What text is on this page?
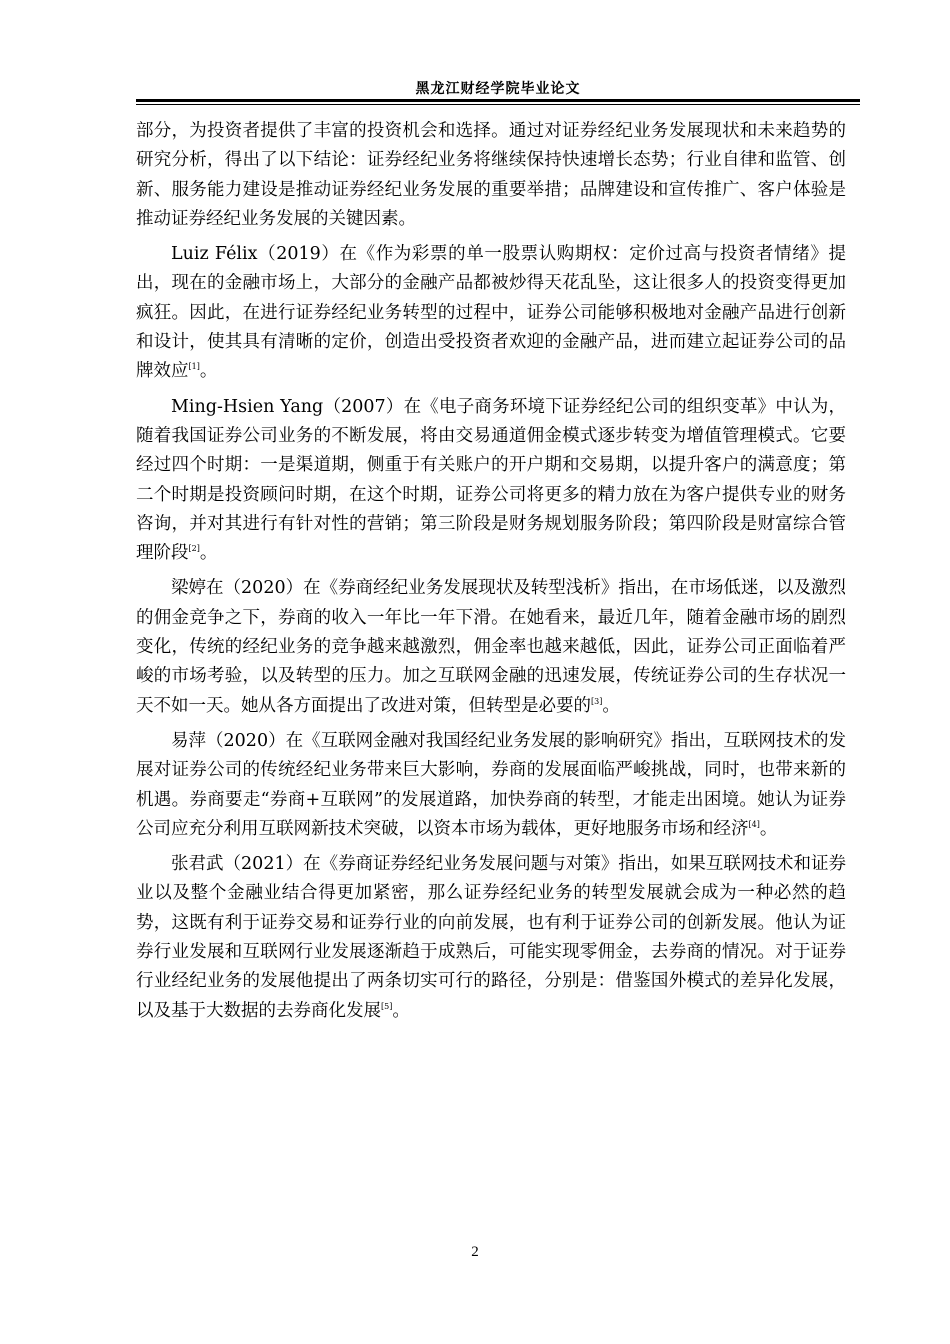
黑龙江财经学院毕业论文

部分，为投资者提供了丰富的投资机会和选择。通过对证券经纪业务发展现状和未来趋势的研究分析，得出了以下结论：证券经纪业务将继续保持快速增长态势；行业自律和监管、创新、服务能力建设是推动证券经纪业务发展的重要举措；品牌建设和宣传推广、客户体验是推动证券经纪业务发展的关键因素。

Luiz Félix（2019）在《作为彩票的单一股票认购期权：定价过高与投资者情绪》提出，现在的金融市场上，大部分的金融产品都被炒得天花乱坠，这让很多人的投资变得更加疯狂。因此，在进行证券经纪业务转型的过程中，证券公司能够积极地对金融产品进行创新和设计，使其具有清晰的定价，创造出受投资者欢迎的金融产品，进而建立起证券公司的品牌效应[1]。

Ming-Hsien Yang（2007）在《电子商务环境下证券经纪公司的组织变革》中认为，随着我国证券公司业务的不断发展，将由交易通道佣金模式逐步转变为增值管理模式。它要经过四个时期：一是渠道期，侧重于有关账户的开户期和交易期，以提升客户的满意度；第二个时期是投资顾问时期，在这个时期，证券公司将更多的精力放在为客户提供专业的财务咨询，并对其进行有针对性的营销；第三阶段是财务规划服务阶段；第四阶段是财富综合管理阶段[2]。

梁婷在（2020）在《券商经纪业务发展现状及转型浅析》指出，在市场低迷，以及激烈的佣金竞争之下，券商的收入一年比一年下滑。在她看来，最近几年，随着金融市场的剧烈变化，传统的经纪业务的竞争越来越激烈，佣金率也越来越低，因此，证券公司正面临着严峻的市场考验，以及转型的压力。加之互联网金融的迅速发展，传统证券公司的生存状况一天不如一天。她从各方面提出了改进对策，但转型是必要的[3]。

易萍（2020）在《互联网金融对我国经纪业务发展的影响研究》指出，互联网技术的发展对证券公司的传统经纪业务带来巨大影响，券商的发展面临严峻挑战，同时，也带来新的机遇。券商要走“券商+互联网”的发展道路，加快券商的转型，才能走出困境。她认为证券公司应充分利用互联网新技术突破，以资本市场为载体，更好地服务市场和经济[4]。

张君武（2021）在《券商证券经纪业务发展问题与对策》指出，如果互联网技术和证券业以及整个金融业结合得更加紧密，那么证券经纪业务的转型发展就会成为一种必然的趋势，这既有利于证券交易和证券行业的向前发展，也有利于证券公司的创新发展。他认为证券行业发展和互联网行业发展逐渐趋于成熟后，可能实现零佣金，去券商的情况。对于证券行业经纪业务的发展他提出了两条切实可行的路径，分别是：借鉴国外模式的差异化发展，以及基于大数据的去券商化发展[5]。

2
